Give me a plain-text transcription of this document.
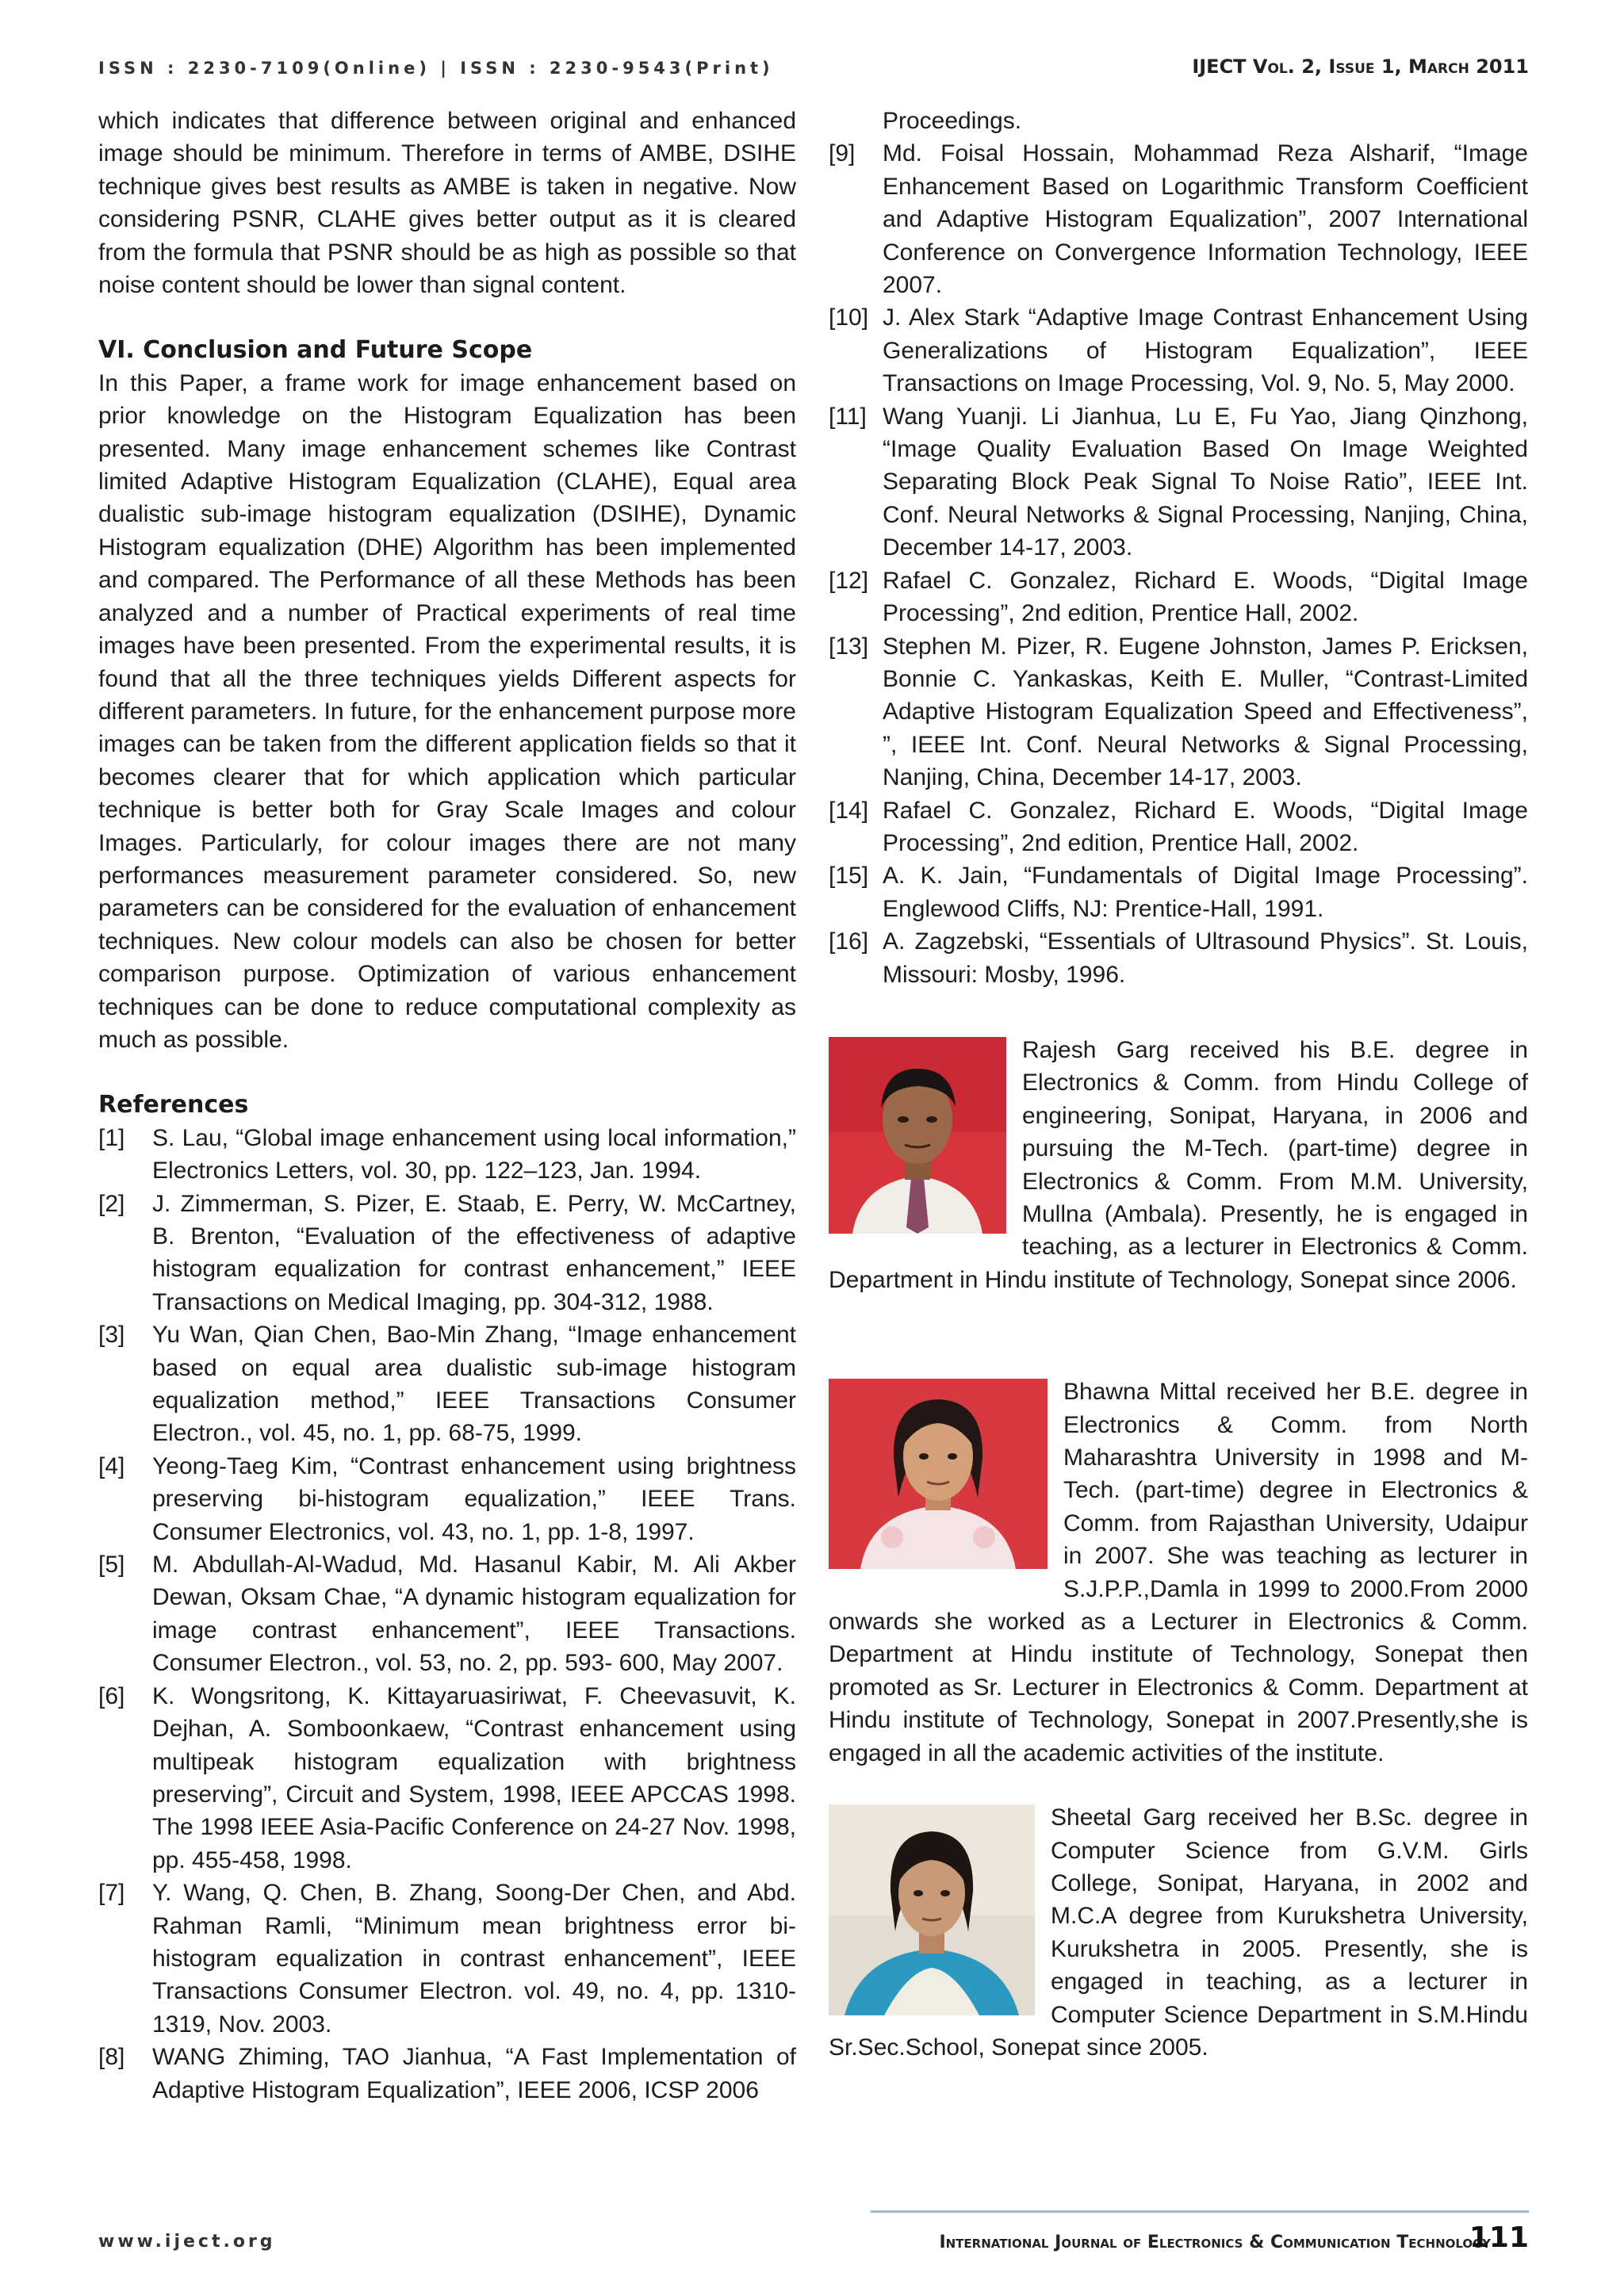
ISSN : 2230-7109(Online) | ISSN : 2230-9543(Print)	IJECT Vol. 2, Issue 1, March 2011

which indicates that difference between original and enhanced image should be minimum. Therefore in terms of AMBE, DSIHE technique gives best results as AMBE is taken in negative. Now considering PSNR, CLAHE gives better output as it is cleared from the formula that PSNR should be as high as possible so that noise content should be lower than signal content.

VI. Conclusion and Future Scope

In this Paper, a frame work for image enhancement based on prior knowledge on the Histogram Equalization has been presented. Many image enhancement schemes like Contrast limited Adaptive Histogram Equalization (CLAHE), Equal area dualistic sub-image histogram equalization (DSIHE), Dynamic Histogram equalization (DHE) Algorithm has been implemented and compared. The Performance of all these Methods has been analyzed and a number of Practical experiments of real time images have been presented. From the experimental results, it is found that all the three techniques yields Different aspects for different parameters. In future, for the enhancement purpose more images can be taken from the different application fields so that it becomes clearer that for which application which particular technique is better both for Gray Scale Images and colour Images. Particularly, for colour images there are not many performances measurement parameter considered. So, new parameters can be considered for the evaluation of enhancement techniques. New colour models can also be chosen for better comparison purpose. Optimization of various enhancement techniques can be done to reduce computational complexity as much as possible.

References
[1]	S. Lau, “Global image enhancement using local information,” Electronics Letters, vol. 30, pp. 122–123, Jan. 1994.
[2]	J. Zimmerman, S. Pizer, E. Staab, E. Perry, W. McCartney, B. Brenton, “Evaluation of the effectiveness of adaptive histogram equalization for contrast enhancement,” IEEE Transactions on Medical Imaging, pp. 304-312, 1988.
[3]	Yu Wan, Qian Chen, Bao-Min Zhang, “Image enhancement based on equal area dualistic sub-image histogram equalization method,” IEEE Transactions Consumer Electron., vol. 45, no. 1, pp. 68-75, 1999.
[4]	Yeong-Taeg Kim, “Contrast enhancement using brightness preserving bi-histogram equalization,” IEEE Trans. Consumer Electronics, vol. 43, no. 1, pp. 1-8, 1997.
[5]	M. Abdullah-Al-Wadud, Md. Hasanul Kabir, M. Ali Akber Dewan, Oksam Chae, “A dynamic histogram equalization for image contrast enhancement”, IEEE Transactions. Consumer Electron., vol. 53, no. 2, pp. 593- 600, May 2007.
[6]	K. Wongsritong, K. Kittayaruasiriwat, F. Cheevasuvit, K. Dejhan, A. Somboonkaew, “Contrast enhancement using multipeak histogram equalization with brightness preserving”, Circuit and System, 1998, IEEE APCCAS 1998. The 1998 IEEE Asia-Pacific Conference on 24-27 Nov. 1998, pp. 455-458, 1998.
[7]	Y. Wang, Q. Chen, B. Zhang, Soong-Der Chen, and Abd. Rahman Ramli, “Minimum mean brightness error bi-histogram equalization in contrast enhancement”, IEEE Transactions Consumer Electron. vol. 49, no. 4, pp. 1310-1319, Nov. 2003.
[8]	WANG Zhiming, TAO Jianhua, “A Fast Implementation of Adaptive Histogram Equalization”, IEEE 2006, ICSP 2006

Proceedings.

[9]	Md. Foisal Hossain, Mohammad Reza Alsharif, “Image Enhancement Based on Logarithmic Transform Coefficient and Adaptive Histogram Equalization”, 2007 International Conference on Convergence Information Technology, IEEE 2007.
[10] J. Alex Stark “Adaptive Image Contrast Enhancement Using Generalizations of Histogram Equalization”, IEEE Transactions on Image Processing, Vol. 9, No. 5, May 2000.
[11] Wang Yuanji. Li Jianhua, Lu E, Fu Yao, Jiang Qinzhong, “Image Quality Evaluation Based On Image Weighted Separating Block Peak Signal To Noise Ratio”, IEEE Int. Conf. Neural Networks & Signal Processing, Nanjing, China, December 14-17, 2003.
[12] Rafael C. Gonzalez, Richard E. Woods, “Digital Image Processing”, 2nd edition, Prentice Hall, 2002.
[13] Stephen M. Pizer, R. Eugene Johnston, James P. Ericksen, Bonnie C. Yankaskas, Keith E. Muller, “Contrast-Limited Adaptive Histogram Equalization Speed and Effectiveness”, ”, IEEE Int. Conf. Neural Networks & Signal Processing, Nanjing, China, December 14-17, 2003.
[14] Rafael C. Gonzalez, Richard E. Woods, “Digital Image Processing”, 2nd edition, Prentice Hall, 2002.
[15] A. K. Jain, “Fundamentals of Digital Image Processing”. Englewood Cliffs, NJ: Prentice-Hall, 1991.
[16] A. Zagzebski, “Essentials of Ultrasound Physics”. St. Louis, Missouri: Mosby, 1996.

Rajesh Garg received his B.E. degree in Electronics & Comm. from Hindu College of engineering, Sonipat, Haryana, in 2006 and pursuing the M-Tech. (part-time) degree in Electronics & Comm. From M.M. University, Mullna (Ambala). Presently, he is engaged in teaching, as a lecturer in Electronics & Comm. Department in Hindu institute of Technology, Sonepat since 2006.

Bhawna Mittal received her B.E. degree in Electronics & Comm. from North Maharashtra University in 1998 and M-Tech. (part-time) degree in Electronics & Comm. from Rajasthan University, Udaipur in 2007. She was teaching as lecturer in S.J.P.P.,Damla in 1999 to 2000.From 2000 onwards she worked as a Lecturer in Electronics & Comm. Department at Hindu institute of Technology, Sonepat then promoted as Sr. Lecturer in Electronics & Comm. Department at Hindu institute of Technology, Sonepat in 2007.Presently,she is engaged in all the academic activities of the institute.

Sheetal Garg received her B.Sc. degree in Computer Science from G.V.M. Girls College, Sonipat, Haryana, in 2002 and M.C.A degree from Kurukshetra University, Kurukshetra in 2005. Presently, she is engaged in teaching, as a lecturer in Computer Science Department in S.M.Hindu Sr.Sec.School, Sonepat since 2005.

www.iject.org	International Journal of Electronics & Communication Technology
111
